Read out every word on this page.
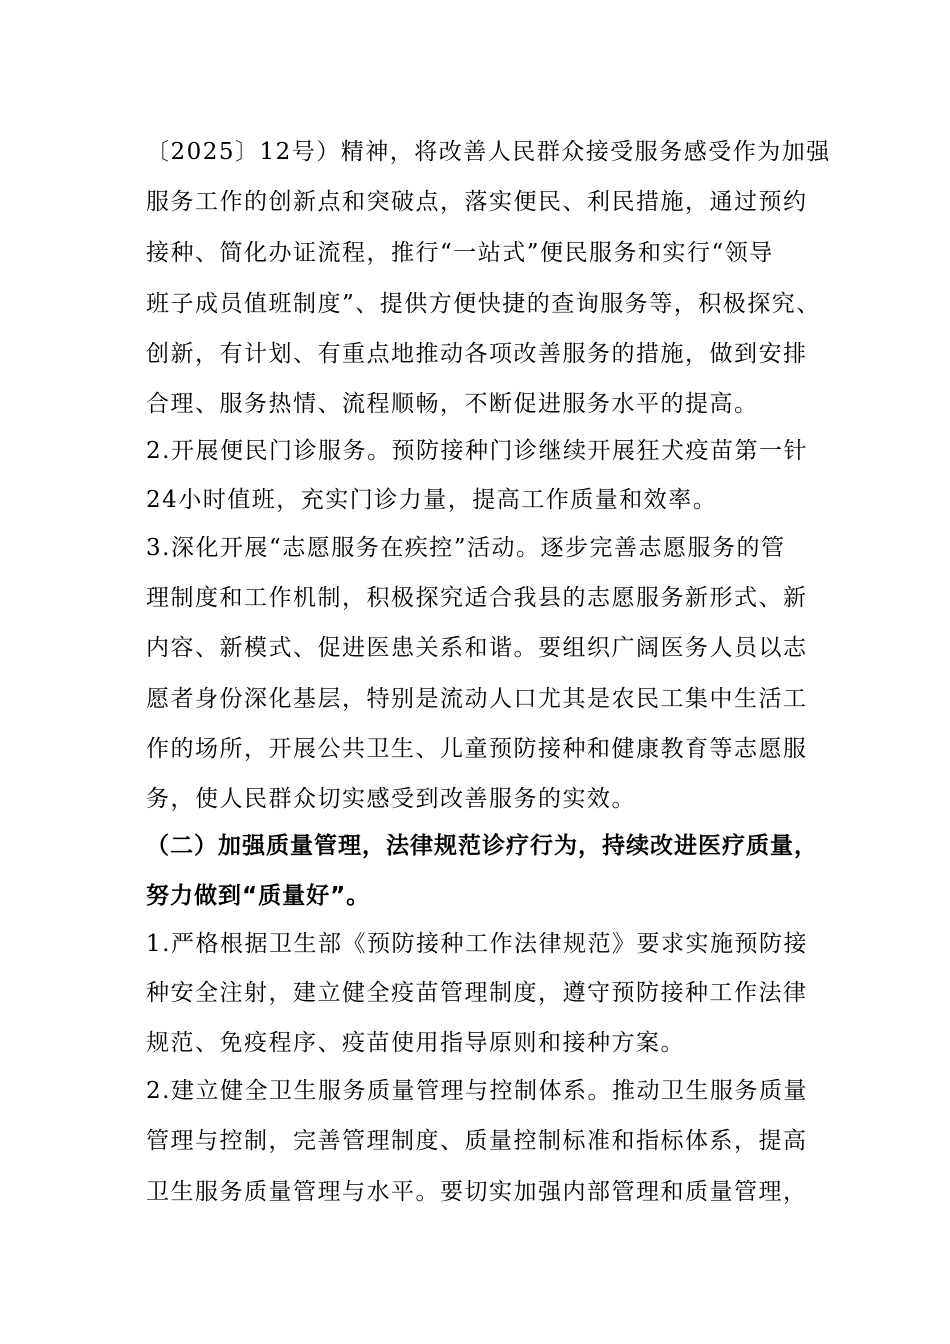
〔2025〕12号）精神，将改善人民群众接受服务感受作为加强
服务工作的创新点和突破点，落实便民、利民措施，通过预约
接种、简化办证流程，推行“一站式”便民服务和实行“领导
班子成员值班制度”、提供方便快捷的查询服务等，积极探究、
创新，有计划、有重点地推动各项改善服务的措施，做到安排
合理、服务热情、流程顺畅，不断促进服务水平的提高。
2.开展便民门诊服务。预防接种门诊继续开展狂犬疫苗第一针
24小时值班，充实门诊力量，提高工作质量和效率。
3.深化开展“志愿服务在疾控”活动。逐步完善志愿服务的管
理制度和工作机制，积极探究适合我县的志愿服务新形式、新
内容、新模式、促进医患关系和谐。要组织广阔医务人员以志
愿者身份深化基层，特别是流动人口尤其是农民工集中生活工
作的场所，开展公共卫生、儿童预防接种和健康教育等志愿服
务，使人民群众切实感受到改善服务的实效。
（二）加强质量管理，法律规范诊疗行为，持续改进医疗质量，
努力做到“质量好”。
1.严格根据卫生部《预防接种工作法律规范》要求实施预防接
种安全注射，建立健全疫苗管理制度，遵守预防接种工作法律
规范、免疫程序、疫苗使用指导原则和接种方案。
2.建立健全卫生服务质量管理与控制体系。推动卫生服务质量
管理与控制，完善管理制度、质量控制标准和指标体系，提高
卫生服务质量管理与水平。要切实加强内部管理和质量管理，
